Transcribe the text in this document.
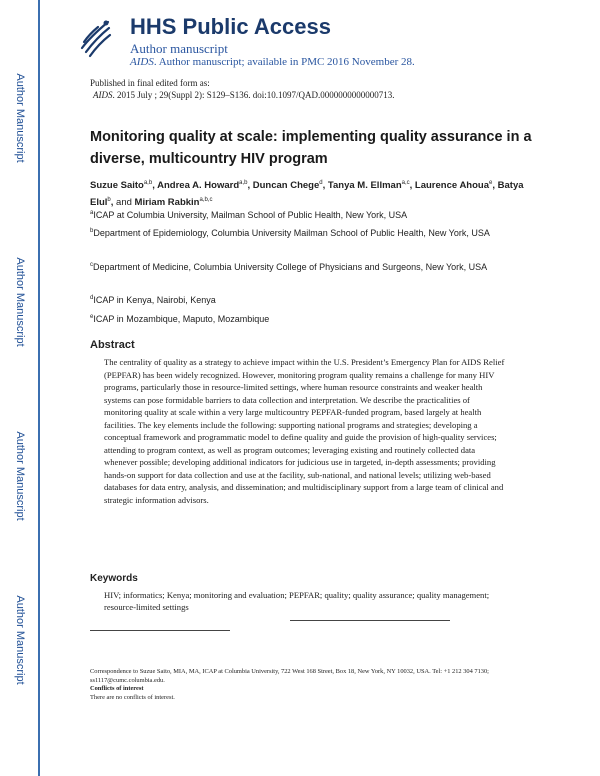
Author Manuscript
Author Manuscript
Author Manuscript
Author Manuscript
HHS Public Access
Author manuscript
AIDS. Author manuscript; available in PMC 2016 November 28.
Published in final edited form as:
AIDS. 2015 July ; 29(Suppl 2): S129–S136. doi:10.1097/QAD.0000000000000713.
Monitoring quality at scale: implementing quality assurance in a diverse, multicountry HIV program
Suzue Saito$^{a,b}$, Andrea A. Howard$^{a,b}$, Duncan Chege$^d$, Tanya M. Ellman$^{a,c}$, Laurence Ahoua$^e$, Batya Elul$^b$, and Miriam Rabkin$^{a,b,c}$
$^a$ICAP at Columbia University, Mailman School of Public Health, New York, USA
$^b$Department of Epidemiology, Columbia University Mailman School of Public Health, New York, USA
$^c$Department of Medicine, Columbia University College of Physicians and Surgeons, New York, USA
$^d$ICAP in Kenya, Nairobi, Kenya
$^e$ICAP in Mozambique, Maputo, Mozambique
Abstract
The centrality of quality as a strategy to achieve impact within the U.S. President’s Emergency Plan for AIDS Relief (PEPFAR) has been widely recognized. However, monitoring program quality remains a challenge for many HIV programs, particularly those in resource-limited settings, where human resource constraints and weaker health systems can pose formidable barriers to data collection and interpretation. We describe the practicalities of monitoring quality at scale within a very large multicountry PEPFAR-funded program, based largely at health facilities. The key elements include the following: supporting national programs and strategies; developing a conceptual framework and programmatic model to define quality and guide the provision of high-quality services; attending to program context, as well as program outcomes; leveraging existing and routinely collected data whenever possible; developing additional indicators for judicious use in targeted, in-depth assessments; providing hands-on support for data collection and use at the facility, sub-national, and national levels; utilizing web-based databases for data entry, analysis, and dissemination; and multidisciplinary support from a large team of clinical and strategic information advisors.
Keywords
HIV; informatics; Kenya; monitoring and evaluation; PEPFAR; quality; quality assurance; quality management; resource-limited settings
Correspondence to Suzue Saito, MIA, MA, ICAP at Columbia University, 722 West 168 Street, Box 18, New York, NY 10032, USA. Tel: +1 212 304 7130; ss1117@cumc.columbia.edu.
Conflicts of interest
There are no conflicts of interest.
